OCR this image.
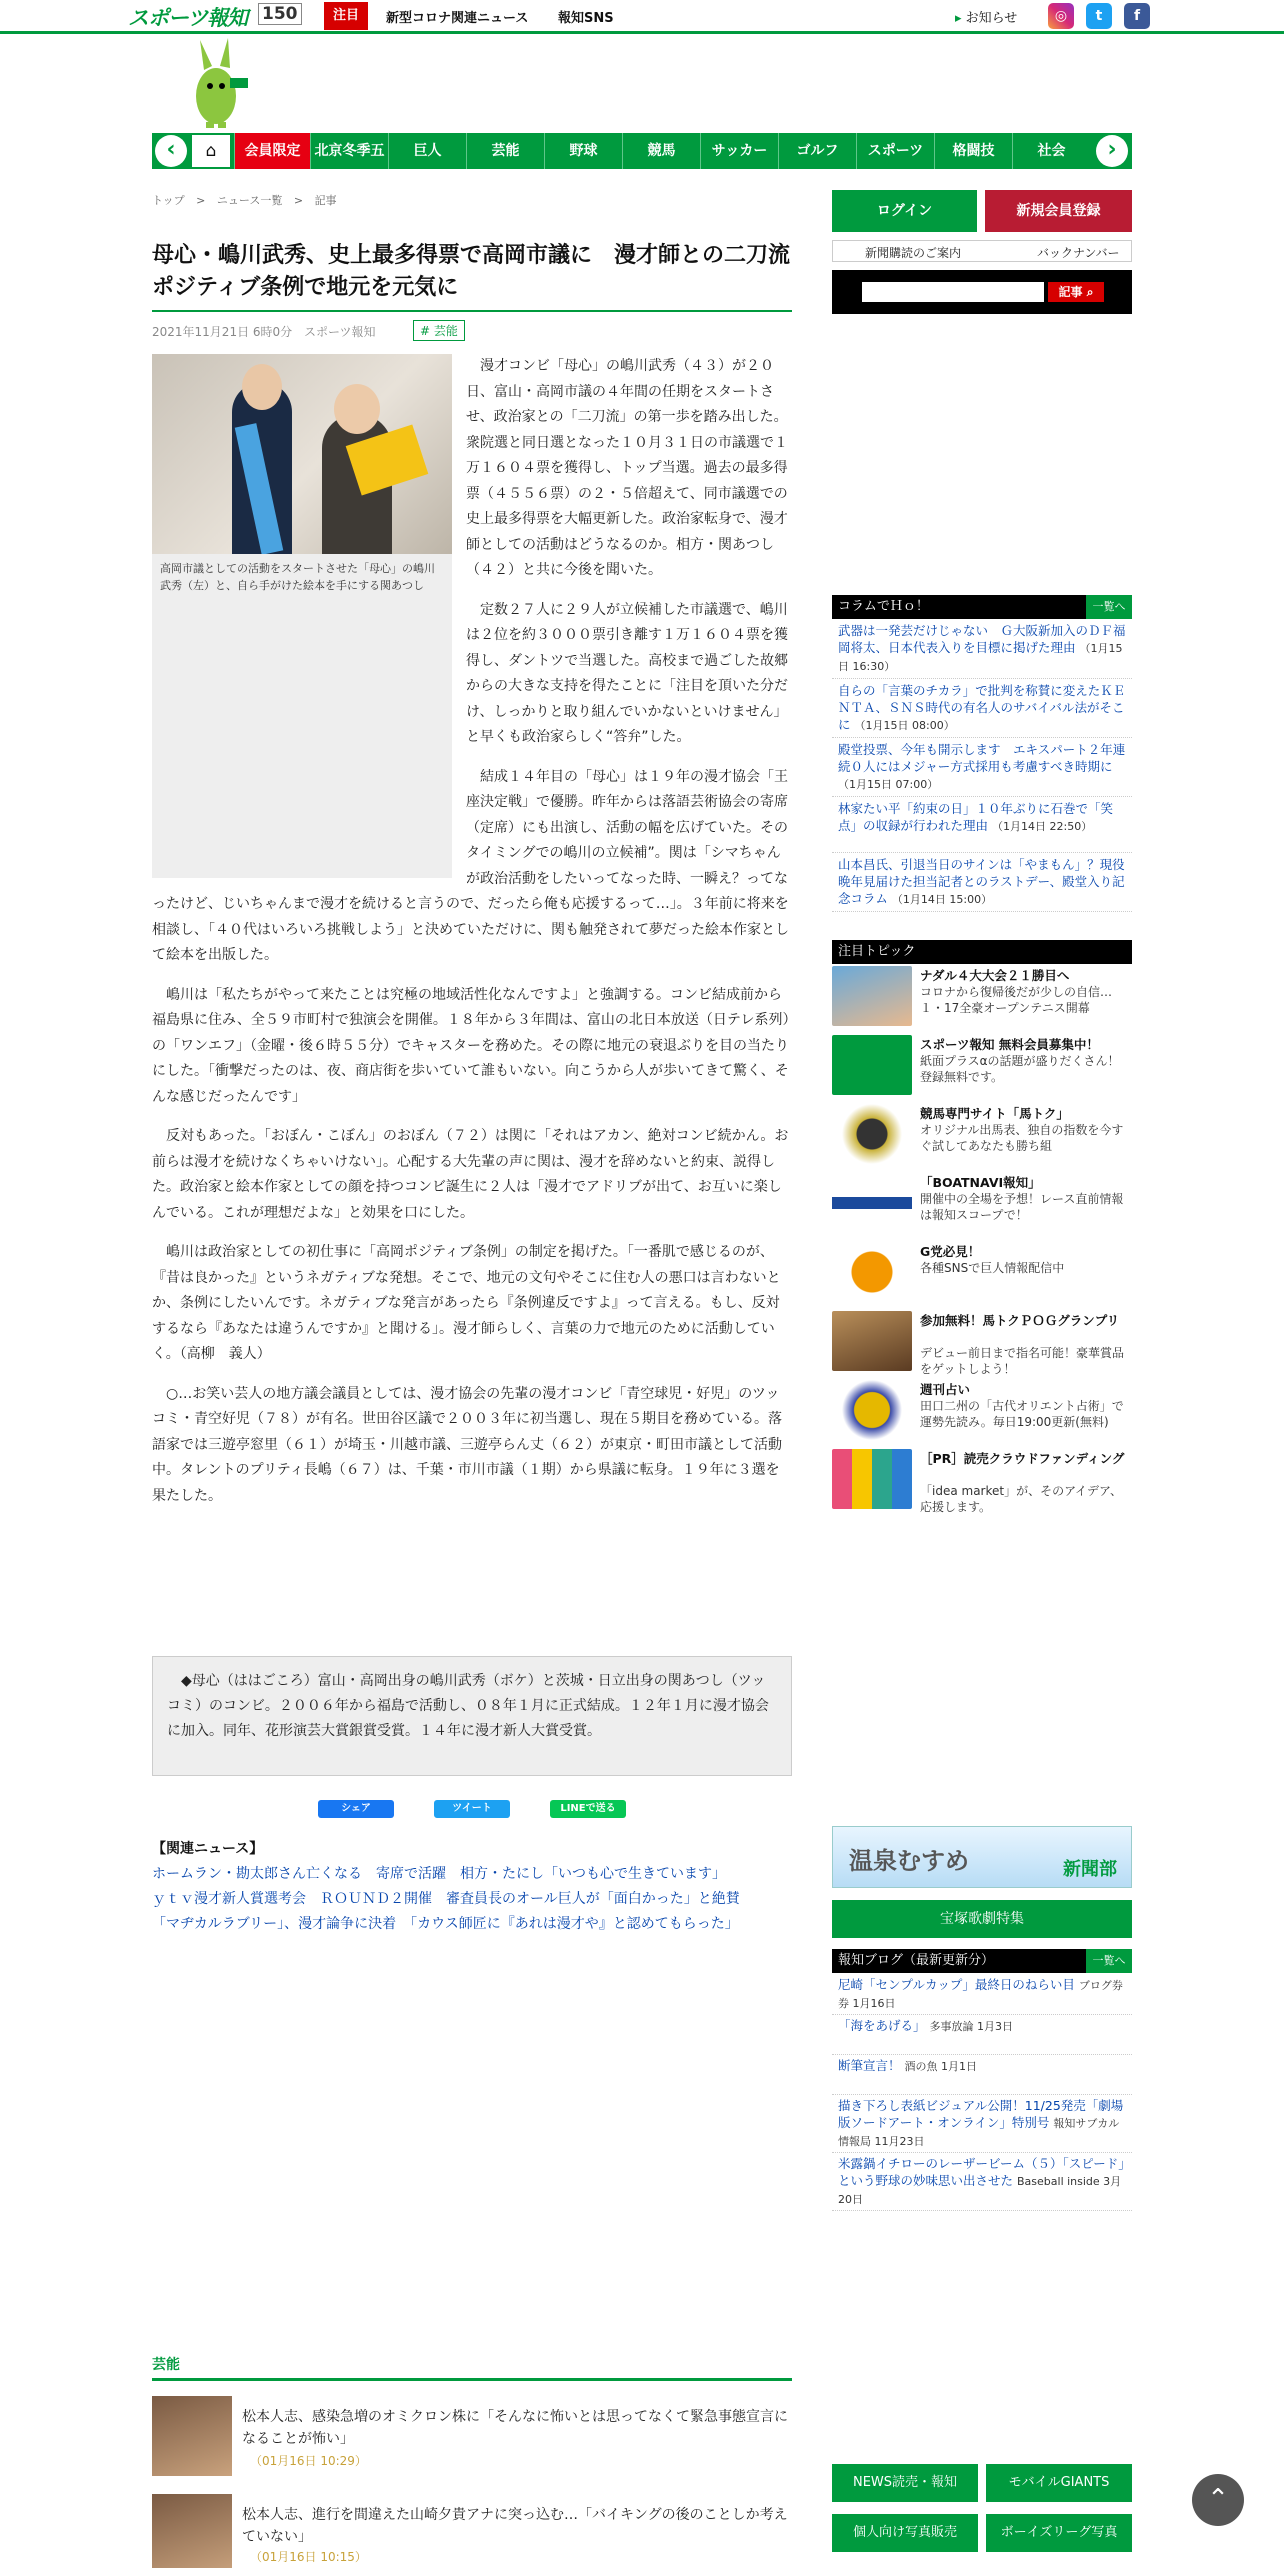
スポーツ報知 150	注目	新型コロナ関連ニュース 報知SNS
▸	お知らせ	◎	t	f
‹	⌂	会員限定	北京冬季五輪
巨人	芸能	野球	競馬	サッカー	ゴルフ	スポーツ	格闘技	社会	›
トップ > ニュース一覧 > 記事
母心・嶋川武秀、史上最多得票で高岡市議に　漫才師との二刀流　ポジティブ条例で地元を元気に
2021年11月21日 6時0分 スポーツ報知	# 芸能
高岡市議としての活動をスタートさせた「母心」の嶋川武秀（左）と、自ら手がけた絵本を手にする関あつし

漫才コンビ「母心」の嶋川武秀（４３）が２０日、富山・高岡市議の４年間の任期をスタートさせ、政治家との「二刀流」の第一歩を踏み出した。衆院選と同日選となった１０月３１日の市議選で１万１６０４票を獲得し、トップ当選。過去の最多得票（４５５６票）の２・５倍超えて、同市議選での史上最多得票を大幅更新した。政治家転身で、漫才師としての活動はどうなるのか。相方・関あつし（４２）と共に今後を聞いた。

定数２７人に２９人が立候補した市議選で、嶋川は２位を約３０００票引き離す１万１６０４票を獲得し、ダントツで当選した。高校まで過ごした故郷からの大きな支持を得たことに「注目を頂いた分だけ、しっかりと取り組んでいかないといけません」と早くも政治家らしく“答弁”した。

結成１４年目の「母心」は１９年の漫才協会「王座決定戦」で優勝。昨年からは落語芸術協会の寄席（定席）にも出演し、活動の幅を広げていた。そのタイミングでの嶋川の立候補”。関は「シマちゃんが政治活動をしたいってなった時、一瞬え？ってなったけど、じいちゃんまで漫才を続けると言うので、だったら俺も応援するって…」。３年前に将来を相談し、「４０代はいろいろ挑戦しよう」と決めていただけに、関も触発されて夢だった絵本作家として絵本を出版した。

嶋川は「私たちがやって来たことは究極の地域活性化なんですよ」と強調する。コンビ結成前から福島県に住み、全５９市町村で独演会を開催。１８年から３年間は、富山の北日本放送（日テレ系列）の「ワンエフ」（金曜・後６時５５分）でキャスターを務めた。その際に地元の衰退ぶりを目の当たりにした。「衝撃だったのは、夜、商店街を歩いていて誰もいない。向こうから人が歩いてきて驚く、そんな感じだったんです」

反対もあった。「おぼん・こぼん」のおぼん（７２）は関に「それはアカン、絶対コンビ続かん。お前らは漫才を続けなくちゃいけない」。心配する大先輩の声に関は、漫才を辞めないと約束、説得した。政治家と絵本作家としての顔を持つコンビ誕生に２人は「漫才でアドリブが出て、お互いに楽しんでいる。これが理想だよな」と効果を口にした。

嶋川は政治家としての初仕事に「高岡ポジティブ条例」の制定を掲げた。「一番肌で感じるのが、『昔は良かった』というネガティブな発想。そこで、地元の文句やそこに住む人の悪口は言わないとか、条例にしたいんです。ネガティブな発言があったら『条例違反ですよ』って言える。もし、反対するなら『あなたは違うんですか』と聞ける」。漫才師らしく、言葉の力で地元のために活動していく。（高柳　義人）

○…お笑い芸人の地方議会議員としては、漫才協会の先輩の漫才コンビ「青空球児・好児」のツッコミ・青空好児（７８）が有名。世田谷区議で２００３年に初当選し、現在５期目を務めている。落語家では三遊亭窓里（６１）が埼玉・川越市議、三遊亭らん丈（６２）が東京・町田市議として活動中。タレントのプリティ長嶋（６７）は、千葉・市川市議（１期）から県議に転身。１９年に３選を果たした。

◆母心（ははごころ）富山・高岡出身の嶋川武秀（ボケ）と茨城・日立出身の関あつし（ツッコミ）のコンビ。２００６年から福島で活動し、０８年１月に正式結成。１２年１月に漫才協会に加入。同年、花形演芸大賞銀賞受賞。１４年に漫才新人大賞受賞。
シェア	ツイート	LINEで送る
【関連ニュース】
ホームラン・勘太郎さん亡くなる　寄席で活躍　相方・たにし「いつも心で生きています」
ｙｔｖ漫才新人賞選考会　ＲＯＵＮＤ２開催　審査員長のオール巨人が「面白かった」と絶賛
「マヂカルラブリー」、漫才論争に決着　「カウス師匠に『あれは漫才や』と認めてもらった」
芸能
松本人志、感染急増のオミクロン株に「そんなに怖いとは思ってなくて緊急事態宣言になることが怖い」
（01月16日 10:29）
松本人志、進行を間違えた山崎夕貴アナに突っ込む…「バイキングの後のことしか考えていない」
（01月16日 10:15）
ログイン	新規会員登録
新聞購読のご案内	バックナンバー
記事 ⌕
コラムでＨｏ！	一覧へ
武器は一発芸だけじゃない　Ｇ大阪新加入のＤＦ福岡将太、日本代表入りを目標に掲げた理由 （1月15日 16:30）
自らの「言葉のチカラ」で批判を称賛に変えたＫＥＮＴＡ、ＳＮＳ時代の有名人のサバイバル法がそこに （1月15日 08:00）
殿堂投票、今年も開示します　エキスパート２年連続０人にはメジャー方式採用も考慮すべき時期に （1月15日 07:00）
林家たい平「約束の日」１０年ぶりに石巻で「笑点」の収録が行われた理由 （1月14日 22:50）
山本昌氏、引退当日のサインは「やまもん」？現役晩年見届けた担当記者とのラストデー、殿堂入り記念コラム （1月14日 15:00）
注目トピック
ナダル４大大会２１勝目へ
コロナから復帰後だが少しの自信…１・17全豪オープンテニス開幕
スポーツ報知 無料会員募集中！
紙面プラスαの話題が盛りだくさん！登録無料です。
競馬専門サイト「馬トク」
オリジナル出馬表、独自の指数を今すぐ試してあなたも勝ち組
「BOATNAVI報知」
開催中の全場を予想！レース直前情報は報知スコープで！
G党必見！
各種SNSで巨人情報配信中
参加無料！馬トクＰＯＧグランプリ
デビュー前日まで指名可能！豪華賞品をゲットしよう！
週刊占い
田口二州の「古代オリエント占術」で運勢先読み。毎日19:00更新(無料)
［PR］読売クラウドファンディング
「idea market」が、そのアイデア、応援します。
温泉むすめ	新聞部
宝塚歌劇特集
報知ブログ（最新更新分）	一覧へ
尼崎「センプルカップ」最終日のねらい目 ブログ券券 1月16日
「海をあげる」 多事放論 1月3日
断筆宣言！ 酒の魚 1月1日
描き下ろし表紙ビジュアル公開！11/25発売「劇場版ソードアート・オンライン」特別号 報知サブカル情報局 11月23日
米露鍋イチローのレーザービーム（５）「スピード」という野球の妙味思い出させた Baseball inside 3月20日
NEWS読売・報知	モバイルGIANTS
個人向け写真販売	ボーイズリーグ写真
⌃
